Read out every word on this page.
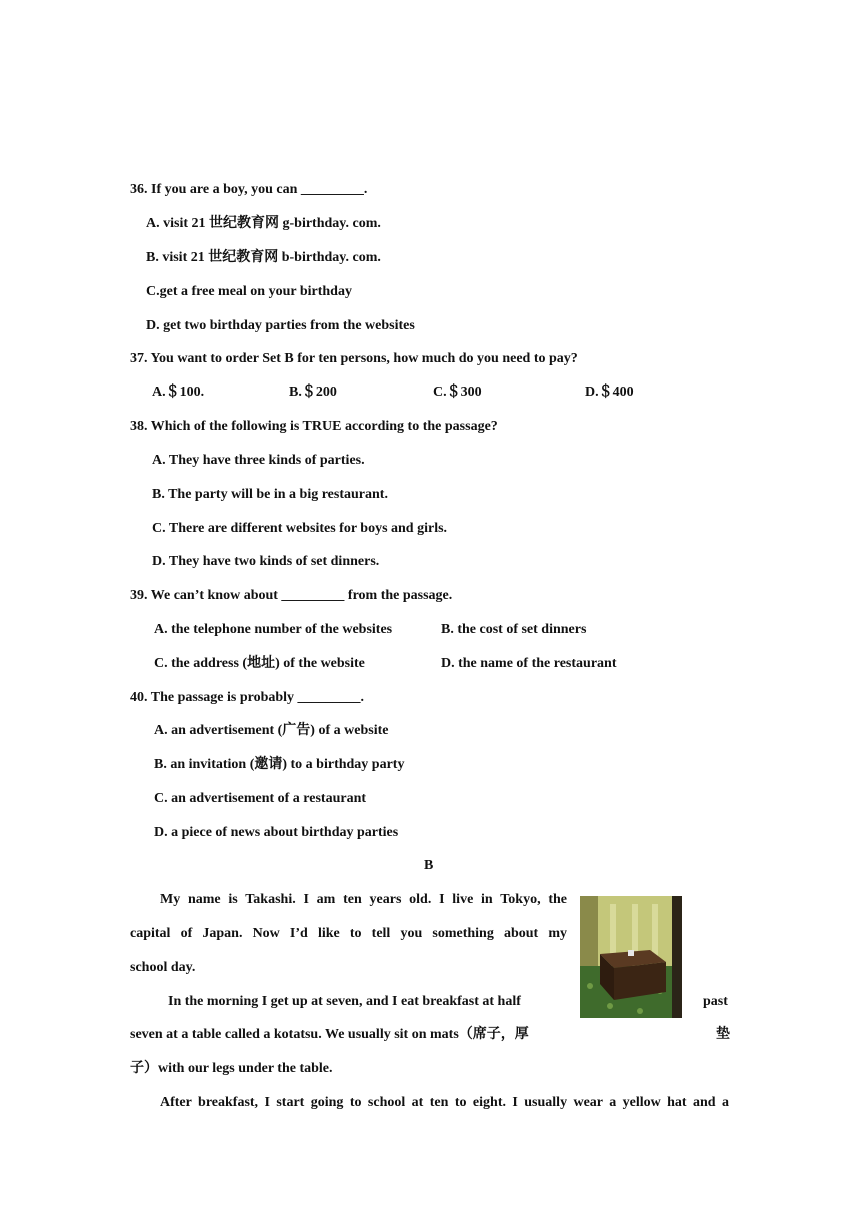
36. If you are a boy, you can _________.
A. visit 21 世纪教育网 g-birthday. com.
B. visit 21 世纪教育网 b-birthday. com.
C.get a free meal on your birthday
D. get two birthday parties from the websites
37. You want to order Set B for ten persons, how much do you need to pay?
A.＄100.	B.＄200	C.＄300	D.＄400
38. Which of the following is TRUE according to the passage?
A. They have three kinds of parties.
B. The party will be in a big restaurant.
C. There are different websites for boys and girls.
D. They have two kinds of set dinners.
39. We can’t know about _________ from the passage.
A. the telephone number of the websites	B. the cost of set dinners
C. the address (地址) of the website	D. the name of the restaurant
40. The passage is probably _________.
A. an advertisement (广告) of a website
B. an invitation (邀请) to a birthday party
C. an advertisement of a restaurant
D. a piece of news about birthday parties
B
My name is Takashi. I am ten years old. I live in Tokyo, the
capital of Japan. Now I’d like to tell you something about my
school day.
In the morning I get up at seven, and I eat breakfast at half	past
seven at a table called a kotatsu. We usually sit on mats（席子，厚	垫
子）with our legs under the table.
After breakfast, I start going to school at ten to eight. I usually wear a yellow hat and a
